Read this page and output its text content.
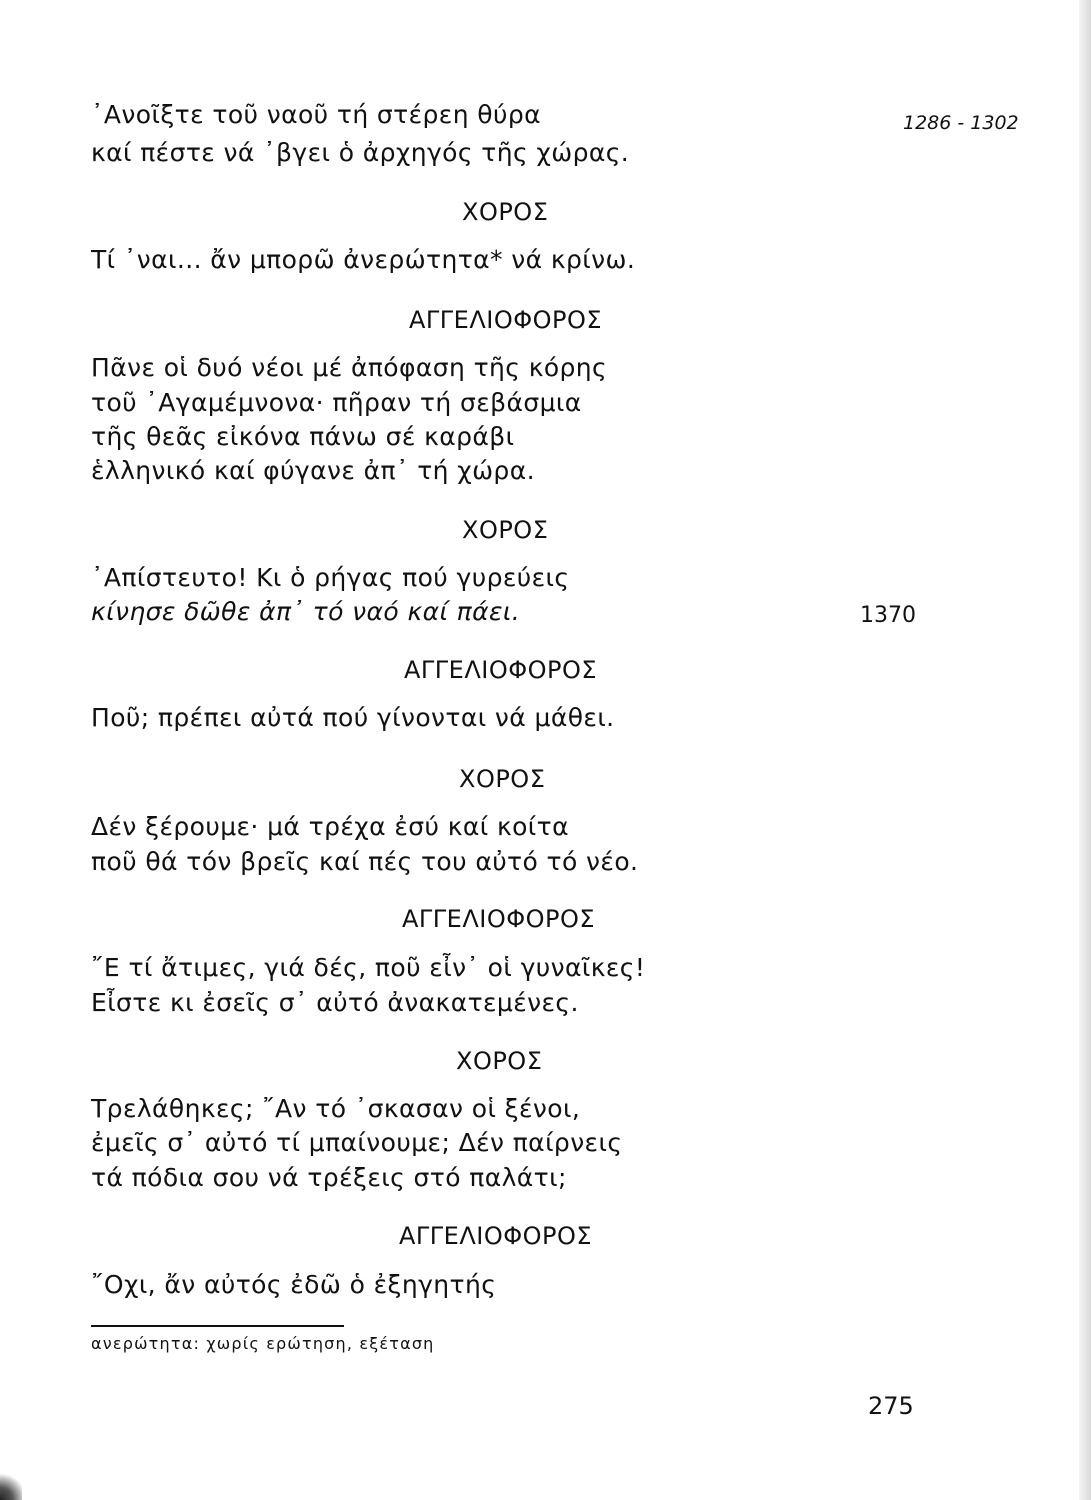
1286 - 1302
᾿Ανοῖξτε τοῦ ναοῦ τή στέρεη θύρα
καί πέστε νά ᾿βγει ὁ ἀρχηγός τῆς χώρας.
ΧΟΡΟΣ
Τί ᾿ναι... ἄν μπορῶ ἀνερώτητα* νά κρίνω.
ΑΓΓΕΛΙΟΦΟΡΟΣ
Πᾶνε οἱ δυό νέοι μέ ἀπόφαση τῆς κόρης
τοῦ ᾿Αγαμέμνονα· πῆραν τή σεβάσμια
τῆς θεᾶς εἰκόνα πάνω σέ καράβι
ἑλληνικό καί φύγανε ἀπ᾿ τή χώρα.
ΧΟΡΟΣ
᾿Απίστευτο! Κι ὁ ρήγας πού γυρεύεις
κίνησε δῶθε ἀπ᾿ τό ναό καί πάει.	1370
ΑΓΓΕΛΙΟΦΟΡΟΣ
Ποῦ; πρέπει αὐτά πού γίνονται νά μάθει.
ΧΟΡΟΣ
Δέν ξέρουμε· μά τρέχα ἐσύ καί κοίτα
ποῦ θά τόν βρεῖς καί πές του αὐτό τό νέο.
ΑΓΓΕΛΙΟΦΟΡΟΣ
῎Ε τί ἄτιμες, γιά δές, ποῦ εἶν᾿ οἱ γυναῖκες!
Εἶστε κι ἐσεῖς σ᾿ αὐτό ἀνακατεμένες.
ΧΟΡΟΣ
Τρελάθηκες; ῎Αν τό ᾿σκασαν οἱ ξένοι,
ἐμεῖς σ᾿ αὐτό τί μπαίνουμε; Δέν παίρνεις
τά πόδια σου νά τρέξεις στό παλάτι;
ΑΓΓΕΛΙΟΦΟΡΟΣ
῎Οχι, ἄν αὐτός ἐδῶ ὁ ἐξηγητής
ανερώτητα: χωρίς ερώτηση, εξέταση
275
